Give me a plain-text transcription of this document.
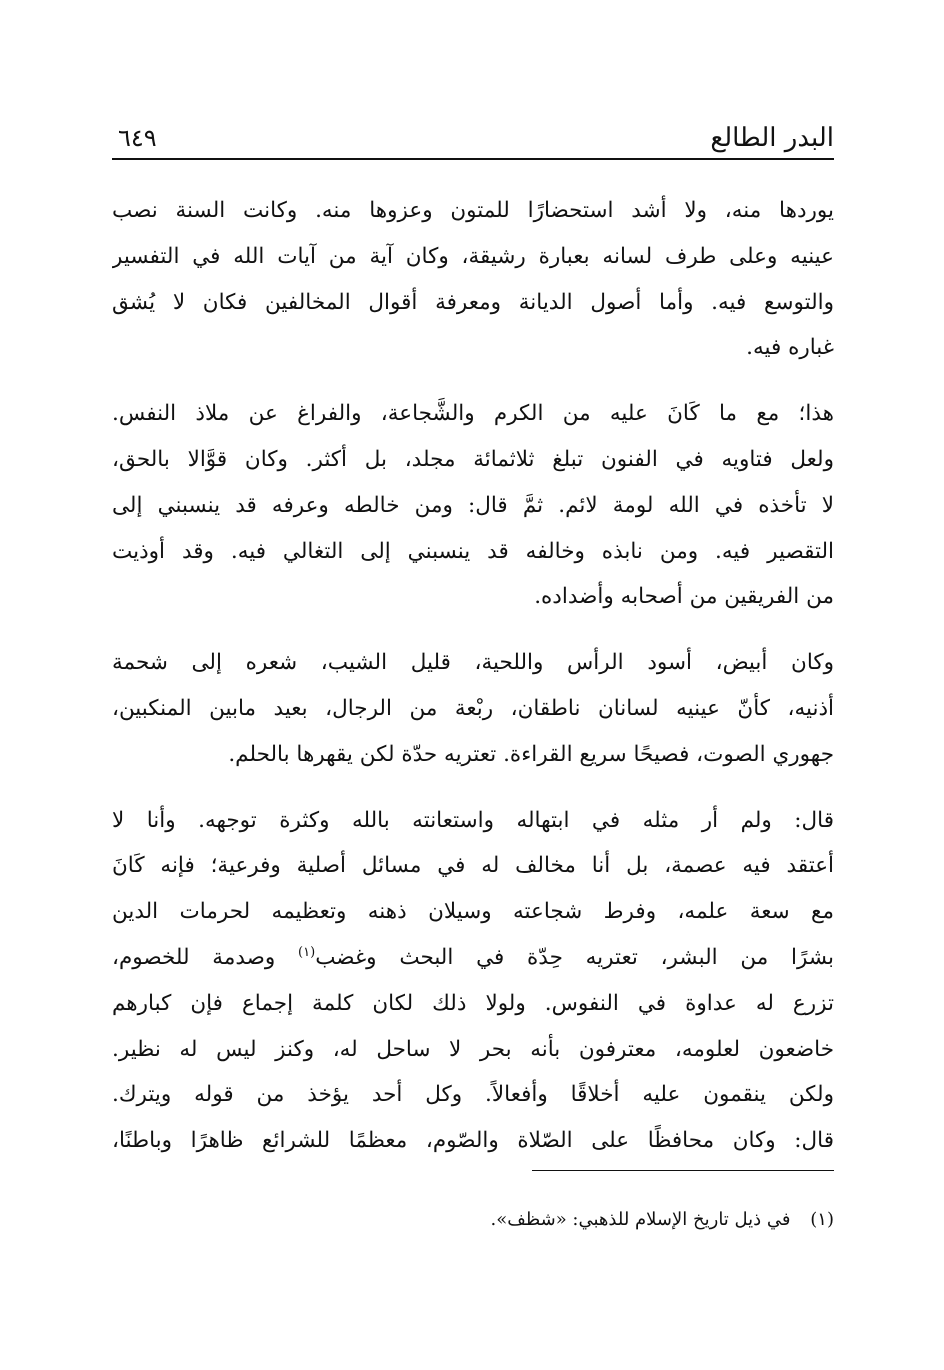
البدر الطالع
٦٤٩
يوردها منه، ولا أشد استحضارًا للمتون وعزوها منه. وكانت السنة نصب
عينيه وعلى طرف لسانه بعبارة رشيقة، وكان آية من آيات الله في التفسير
والتوسع فيه. وأما أصول الديانة ومعرفة أقوال المخالفين فكان لا يُشق
غباره فيه.
هذا؛ مع ما كَانَ عليه من الكرم والشَّجاعة، والفراغ عن ملاذ النفس.
ولعل فتاويه في الفنون تبلغ ثلاثمائة مجلد، بل أكثر. وكان قوَّالا بالحق،
لا تأخذه في الله لومة لائم. ثمَّ قال: ومن خالطه وعرفه قد ينسبني إلى
التقصير فيه. ومن نابذه وخالفه قد ينسبني إلى التغالي فيه. وقد أوذيت
من الفريقين من أصحابه وأضداده.
وكان أبيض، أسود الرأس واللحية، قليل الشيب، شعره إلى شحمة
أذنيه، كأنّ عينيه لسانان ناطقان، ربْعة من الرجال، بعيد مابين المنكبين،
جهوري الصوت، فصيحًا سريع القراءة. تعتريه حدّة لكن يقهرها بالحلم.
قال: ولم أر مثله في ابتهاله واستعانته بالله وكثرة توجهه. وأنا لا
أعتقد فيه عصمة، بل أنا مخالف له في مسائل أصلية وفرعية؛ فإنه كَانَ
مع سعة علمه، وفرط شجاعته وسيلان ذهنه وتعظيمه لحرمات الدين
بشرًا من البشر، تعتريه حِدّة في البحث وغضب$^{(١)}$ وصدمة للخصوم،
تزرع له عداوة في النفوس. ولولا ذلك لكان كلمة إجماع فإن كبارهم
خاضعون لعلومه، معترفون بأنه بحر لا ساحل له، وكنز ليس له نظير.
ولكن ينقمون عليه أخلاقًا وأفعالاً. وكل أحد يؤخذ من قوله ويترك.
قال: وكان محافظًا على الصّلاة والصّوم، معظمًا للشرائع ظاهرًا وباطنًا،
(١) في ذيل تاريخ الإسلام للذهبي: «شظف».
